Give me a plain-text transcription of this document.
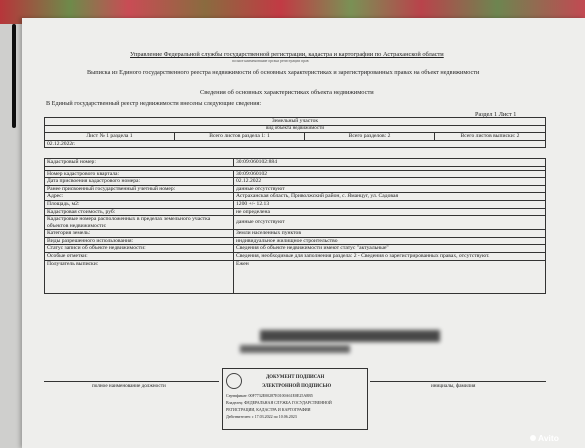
Управление Федеральной службы государственной регистрации, кадастра и картографии по Астраханской области
полное наименование органа регистрации прав
Выписка из Единого государственного реестра недвижимости об основных характеристиках и зарегистрированных правах на объект недвижимости
Сведения об основных характеристиках объекта недвижимости
В Единый государственный реестр недвижимости внесены следующие сведения:
Раздел 1 Лист 1
Земельный участок
вид объекта недвижимости
Лист № 1 раздела 1	Всего листов раздела 1: 1	Всего разделов: 2	Всего листов выписки: 2
02.12.2022г.
Кадастровый номер:	30:09:060102:884

Номер кадастрового квартала:	30:09:060102
Дата присвоения кадастрового номера:	02.12.2022
Ранее присвоенный государственный учетный номер:	данные отсутствуют
Адрес:	Астраханская область, Приволжский район, с. Яманцуг, ул. Садовая
Площадь, м2:	1200 +/- 12.13
Кадастровая стоимость, руб:	не определена
Кадастровые номера расположенных в пределах земельного участка объектов недвижимости:	данные отсутствуют
Категория земель:	Земли населенных пунктов
Виды разрешенного использования:	индивидуальное жилищное строительство
Статус записи об объекте недвижимости:	Сведения об объекте недвижимости имеют статус "актуальные"
Особые отметки:	Сведения, необходимые для заполнения раздела: 2 - Сведения о зарегистрированных правах, отсутствуют.
Получатель выписки:	Ежен
полное наименование должности	инициалы, фамилия
ДОКУМЕНТ ПОДПИСАН
ЭЛЕКТРОННОЙ ПОДПИСЬЮ
Сертификат: 00F7732E00287E0100A61E0E25A8B5
Владелец: ФЕДЕРАЛЬНАЯ СЛУЖБА ГОСУДАРСТВЕННОЙ
РЕГИСТРАЦИИ, КАДАСТРА И КАРТОГРАФИИ
Действителен: с 17.03.2022 по 10.06.2023
Avito
